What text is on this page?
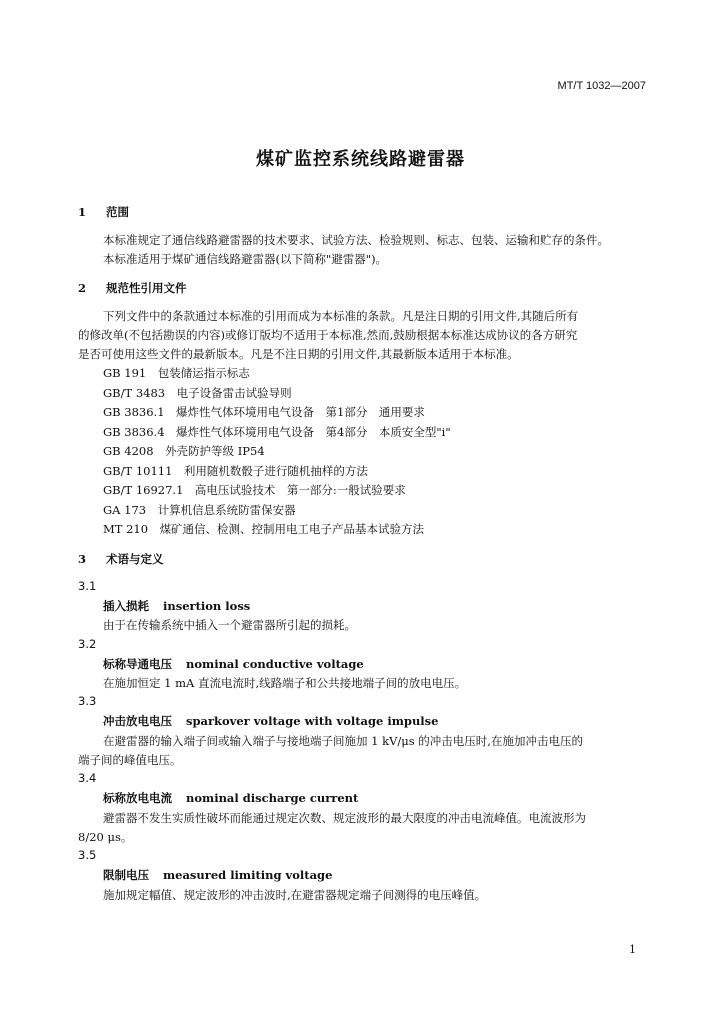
MT/T 1032—2007
煤矿监控系统线路避雷器
1 范围
本标准规定了通信线路避雷器的技术要求、试验方法、检验规则、标志、包装、运输和贮存的条件。
本标准适用于煤矿通信线路避雷器(以下简称"避雷器")。
2 规范性引用文件
下列文件中的条款通过本标准的引用而成为本标准的条款。凡是注日期的引用文件,其随后所有
的修改单(不包括勘误的内容)或修订版均不适用于本标准,然而,鼓励根据本标准达成协议的各方研究
是否可使用这些文件的最新版本。凡是不注日期的引用文件,其最新版本适用于本标准。
GB 191　 包装储运指示标志
GB/T 3483　 电子设备雷击试验导则
GB 3836.1　 爆炸性气体环境用电气设备　第1部分　通用要求
GB 3836.4　 爆炸性气体环境用电气设备　第4部分　本质安全型"i"
GB 4208　 外壳防护等级 IP54
GB/T 10111　 利用随机数骰子进行随机抽样的方法
GB/T 16927.1　 高电压试验技术　第一部分:一般试验要求
GA 173　 计算机信息系统防雷保安器
MT 210　 煤矿通信、检测、控制用电工电子产品基本试验方法
3 术语与定义
3.1
插入损耗 insertion loss
由于在传输系统中插入一个避雷器所引起的损耗。
3.2
标称导通电压 nominal conductive voltage
在施加恒定 1 mA 直流电流时,线路端子和公共接地端子间的放电电压。
3.3
冲击放电电压 sparkover voltage with voltage impulse
在避雷器的输入端子间或输入端子与接地端子间施加 1 kV/μs 的冲击电压时,在施加冲击电压的
端子间的峰值电压。
3.4
标称放电电流 nominal discharge current
避雷器不发生实质性破坏而能通过规定次数、规定波形的最大限度的冲击电流峰值。电流波形为
8/20 μs。
3.5
限制电压 measured limiting voltage
施加规定幅值、规定波形的冲击波时,在避雷器规定端子间测得的电压峰值。
1
